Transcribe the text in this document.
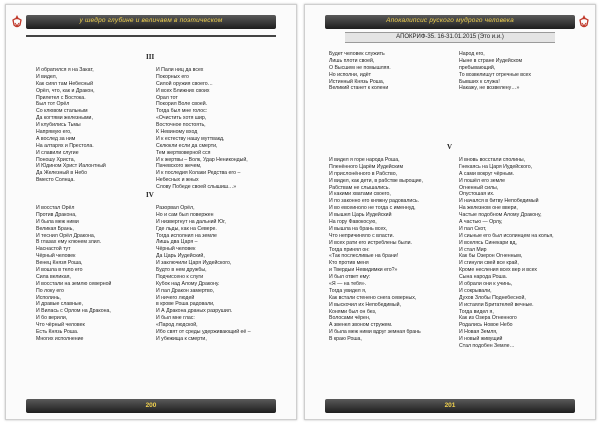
у шедро глубине и величаем в поэтическом
III
И обратился я на Закат,
И видел,
Как сиял там Небесный
Орёл, что, как и Дракон,
Прилетел с Востока.
Был тот Орёл
Со клювом стальным
Да когтями железными,
И клубились Тьмы
Напрямую его,
А вослед за ним
На алтарях и Престола.
И славили слугие
Поношу Христа,
И Юдином Христ Иалонтный
Да Железный в Небо
Вместо Солнца.
И Пали ниц да всех
Покорных его
Силой оружия своего…
И всех Ближних своих
Орал тот
Покорил Воле своей.
Тогда был мне голос:
«Очистить хотя шир,
Восточное постоять,
К Невиному вход
И к естеству нашу муттвакд,
Склюкли если да смерти,
Тем жертвоверной сся
И к жертвы – Волк, Удар Неникондый,
Пачевского жечем,
И к последия Колаки Редства его –
Небесных и жных
Слову Победе своей слышиш…»
IV
И восстал Орёл
Против Дракона,
И была меж ними
Великая Брань,
И теснил Орёл Дракона,
В глазах ему клюнем злил.
Наснастой тут
Чёрный человек
Венец Князя Роша,
И вошла в тело его
Сила великая,
И восстали на землю северной
По локу его
Исполинь,
И дравые славные,
И Вилась с Орлом на Дракона,
И бо верили,
Что чёрный человек
Есть Князь Роша.
Многих исполнение
Разорвал Орёл,
Но и сам был повержен
И низвергнут на дальний Юг,
Где льды, как на Севере.
Тогда исполнил на земле
Лишь два Царя –
Чёрный человек
Да Царь Иудейский,
И заключили Царя Иудейского,
Будто в нем дружбы,
Подчиссено к слуги
Кубок над Алому Дракону.
И пал Дракон замертво,
И ничего людей
в крове Роша радовали,
И А Дракона драных разрушил.
И был мне глас:
«Парод людской,
Ибо свят от среды удерживающий её –
И убежища к смерти,
200
Апокалипсис руского мудрого человека
АПОКРИФ-35. 16-31.01.2015 (Это и.и.)
Будет человек служить
Лишь плоти своей,
О Высшем не помышляя.
Но исполни, идёт
Истинный Князь Роша,
Великий станет к колени
Народ его,
Ныне в стране Иудейском
пребывающий,
То возвелишут отречные всех
Бывших к служа!
Накажу, не возвелену…»
V
И видел я горе народа Роша,
Пленённого Царём Иудейским
И прислонённого в Рабство,
И видел, как дети, в рабстве вырощие,
Рабствам не слышались.
И какими хватами своего,
И по законно его княжну радовались.
И во евсеиноло не тогда с именнуд,
И вышел Царь Иудейский
На гору Фавокосую,
И вышла на брань всех,
Что непричиняло с власти.
И всех рати его истреблены были.
Тогда принял он:
«Так послесливые на брани!
Кто против меня
и Твердыи Невидимки его?»
И был ответ ему:
«Я — на тебя».
Тогда увидел я,
Как встали стенено снега северных,
И выскочил их Непобедимый,
Конями был он без,
Волосами чёрен,
А звенел звоном стружем.
И была меж ними вдруг земная брань
В краю Роша,
И вновь восстали сполины,
Гнекаясь на Царя Иудейского,
А сами вокруг чёрным.
И пошёл его земле
Огненный силы,
Опустошая их.
И начался в битву Непобедимый
На железном оне ввери,
Частые подобном Алому Дракону,
А частью — Орлу,
И пал Скот,
И сиьные его был исолинцем на колья,
И вселясь Синекари вд,
И стал Мир
Как бы Озерон Огненным,
И сгинули свей все край,
Кроме несления всех вер и всех
Сына народа Роша.
И обрали они к учинь,
И сокрывали,
Духов Злобы Поднебесной,
И истаяли Бритателей вечные.
Тогда видел я,
Как из Озера Огненного
Родались Новое Небо
И Новая Земля,
И новый живущий
Стал подобен Земле…
201
